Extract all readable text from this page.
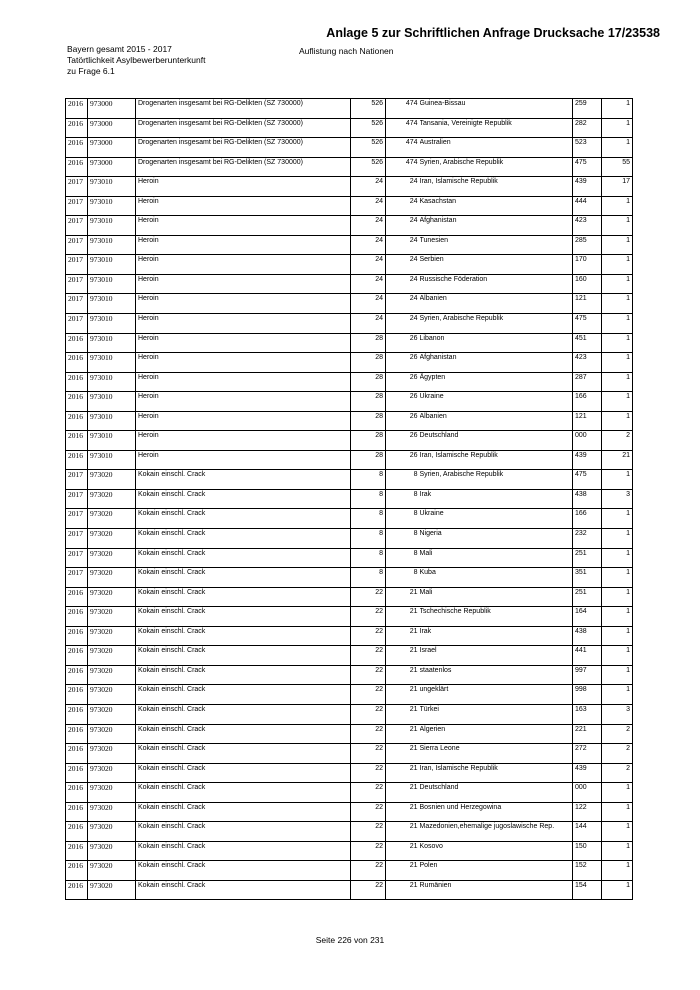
Anlage 5 zur Schriftlichen Anfrage Drucksache 17/23538
Bayern gesamt 2015 - 2017
Tatörtlichkeit Asylbewerberunterkunft
zu Frage 6.1
Auflistung nach Nationen
2016	973000	Drogenarten insgesamt bei RG-Delikten (SZ 730000)	526	474	Guinea-Bissau	259	1
2016	973000	Drogenarten insgesamt bei RG-Delikten (SZ 730000)	526	474	Tansania, Vereinigte Republik	282	1
2016	973000	Drogenarten insgesamt bei RG-Delikten (SZ 730000)	526	474	Australien	523	1
2016	973000	Drogenarten insgesamt bei RG-Delikten (SZ 730000)	526	474	Syrien, Arabische Republik	475	55
2017	973010	Heroin	24	24	Iran, Islamische Republik	439	17
2017	973010	Heroin	24	24	Kasachstan	444	1
2017	973010	Heroin	24	24	Afghanistan	423	1
2017	973010	Heroin	24	24	Tunesien	285	1
2017	973010	Heroin	24	24	Serbien	170	1
2017	973010	Heroin	24	24	Russische Föderation	160	1
2017	973010	Heroin	24	24	Albanien	121	1
2017	973010	Heroin	24	24	Syrien, Arabische Republik	475	1
2016	973010	Heroin	28	26	Libanon	451	1
2016	973010	Heroin	28	26	Afghanistan	423	1
2016	973010	Heroin	28	26	Ägypten	287	1
2016	973010	Heroin	28	26	Ukraine	166	1
2016	973010	Heroin	28	26	Albanien	121	1
2016	973010	Heroin	28	26	Deutschland	000	2
2016	973010	Heroin	28	26	Iran, Islamische Republik	439	21
2017	973020	Kokain einschl. Crack	8	8	Syrien, Arabische Republik	475	1
2017	973020	Kokain einschl. Crack	8	8	Irak	438	3
2017	973020	Kokain einschl. Crack	8	8	Ukraine	166	1
2017	973020	Kokain einschl. Crack	8	8	Nigeria	232	1
2017	973020	Kokain einschl. Crack	8	8	Mali	251	1
2017	973020	Kokain einschl. Crack	8	8	Kuba	351	1
2016	973020	Kokain einschl. Crack	22	21	Mali	251	1
2016	973020	Kokain einschl. Crack	22	21	Tschechische Republik	164	1
2016	973020	Kokain einschl. Crack	22	21	Irak	438	1
2016	973020	Kokain einschl. Crack	22	21	Israel	441	1
2016	973020	Kokain einschl. Crack	22	21	staatenlos	997	1
2016	973020	Kokain einschl. Crack	22	21	ungeklärt	998	1
2016	973020	Kokain einschl. Crack	22	21	Türkei	163	3
2016	973020	Kokain einschl. Crack	22	21	Algerien	221	2
2016	973020	Kokain einschl. Crack	22	21	Sierra Leone	272	2
2016	973020	Kokain einschl. Crack	22	21	Iran, Islamische Republik	439	2
2016	973020	Kokain einschl. Crack	22	21	Deutschland	000	1
2016	973020	Kokain einschl. Crack	22	21	Bosnien und Herzegowina	122	1
2016	973020	Kokain einschl. Crack	22	21	Mazedonien,ehemalige jugoslawische Rep.	144	1
2016	973020	Kokain einschl. Crack	22	21	Kosovo	150	1
2016	973020	Kokain einschl. Crack	22	21	Polen	152	1
2016	973020	Kokain einschl. Crack	22	21	Rumänien	154	1
Seite 226 von 231
